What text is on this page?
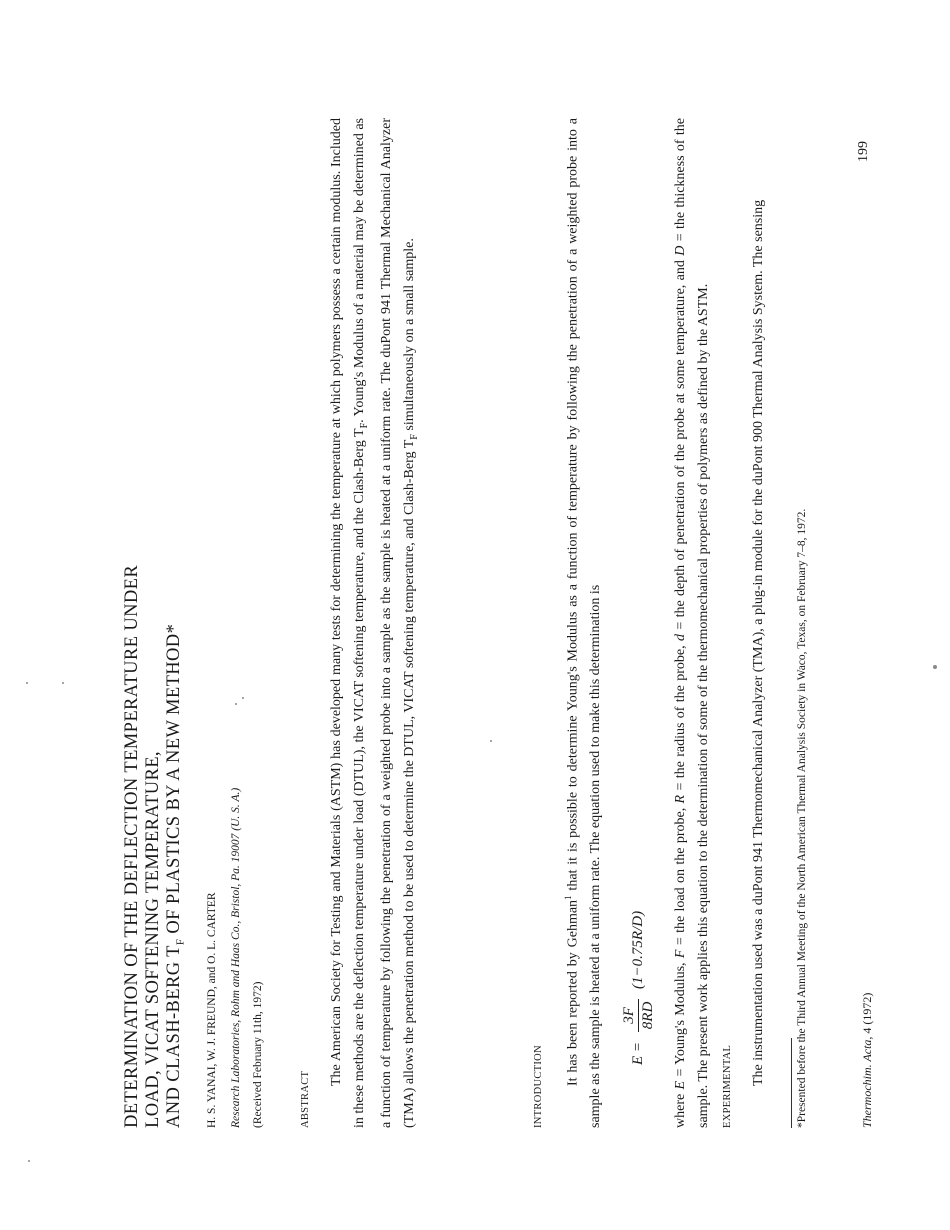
DETERMINATION OF THE DEFLECTION TEMPERATURE UNDER LOAD, VICAT SOFTENING TEMPERATURE, AND CLASH-BERG $T_F$ OF PLASTICS BY A NEW METHOD*
H. S. YANAI, W. J. FREUND, and O. L. CARTER Research Laboratories, Rohm and Haas Co., Bristol, Pa. 19007 (U. S. A.) (Received February 11th, 1972)	ABSTRACT
The American Society for Testing and Materials (ASTM) has developed many tests for determining the temperature at which polymers possess a certain modulus. Included in these methods are the deflection temperature under load (DTUL), the VICAT softening temperature, and the Clash-Berg $T_F$. Young's Modulus of a material may be determined as a function of temperature by following the penetration of a weighted probe into a sample as the sample is heated at a uniform rate. The duPont 941 Thermal Mechanical Analyzer (TMA) allows the penetration method to be used to determine the DTUL, VICAT softening temperature, and Clash-Berg $T_F$ simultaneously on a small sample.
INTRODUCTION
It has been reported by Gehman$^1$ that it is possible to determine Young's Modulus as a function of temperature by following the penetration of a weighted probe into a sample as the sample is heated at a uniform rate. The equation used to make this determination is	E =
3F 8RD
(1−0.75R/D)
where E = Young's Modulus, F = the load on the probe, R = the radius of the probe, d = the depth of penetration of the probe at some temperature, and D = the thickness of the sample. The present work applies this equation to the determination of some of the thermomechanical properties of polymers as defined by the ASTM.	EXPERIMENTAL
The instrumentation used was a duPont 941 Thermomechanical Analyzer (TMA), a plug-in module for the duPont 900 Thermal Analysis System. The sensing	*Presented before the Third Annual Meeting of the North American Thermal Analysis Society in Waco, Texas, on February 7–8, 1972.	Thermochim. Acta, 4 (1972)
199
